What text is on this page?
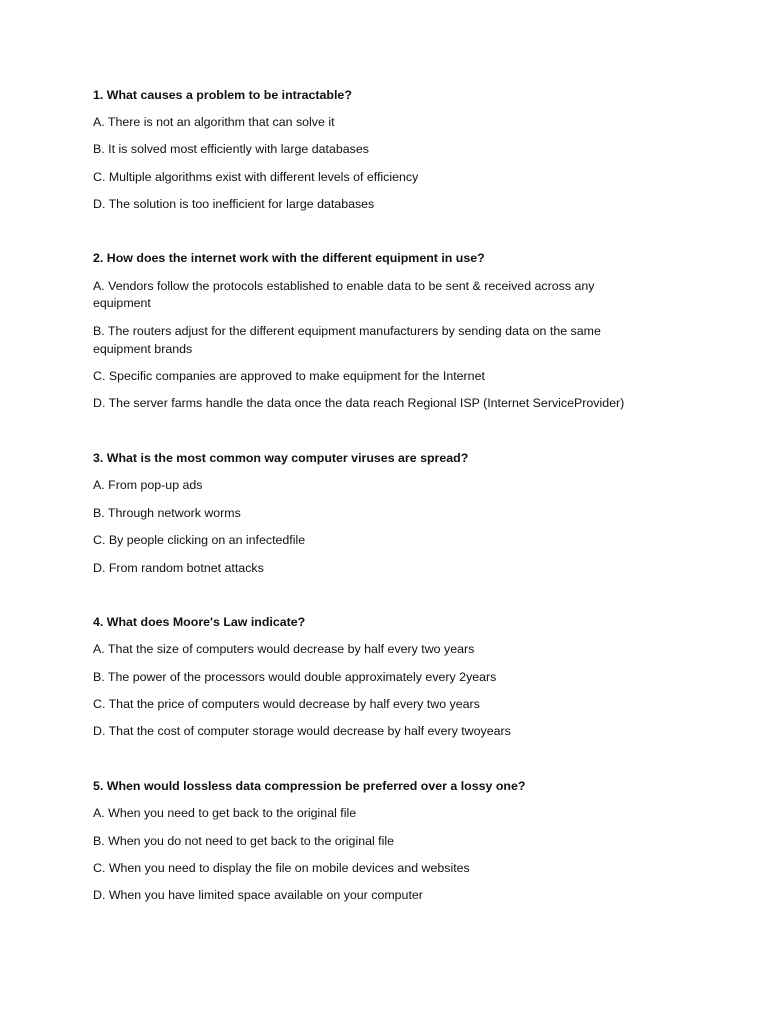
1. What causes a problem to be intractable?
A. There is not an algorithm that can solve it
B. It is solved most efficiently with large databases
C. Multiple algorithms exist with different levels of efficiency
D. The solution is too inefficient for large databases
2. How does the internet work with the different equipment in use?
A. Vendors follow the protocols established to enable data to be sent & received across any
equipment
B. The routers adjust for the different equipment manufacturers by sending data on the same
equipment brands
C. Specific companies are approved to make equipment for the Internet
D. The server farms handle the data once the data reach Regional ISP (Internet ServiceProvider)
3. What is the most common way computer viruses are spread?
A. From pop-up ads
B. Through network worms
C. By people clicking on an infectedfile
D. From random botnet attacks
4. What does Moore's Law indicate?
A. That the size of computers would decrease by half every two years
B. The power of the processors would double approximately every 2years
C. That the price of computers would decrease by half every two years
D. That the cost of computer storage would decrease by half every twoyears
5. When would lossless data compression be preferred over a lossy one?
A. When you need to get back to the original file
B. When you do not need to get back to the original file
C. When you need to display the file on mobile devices and websites
D. When you have limited space available on your computer
